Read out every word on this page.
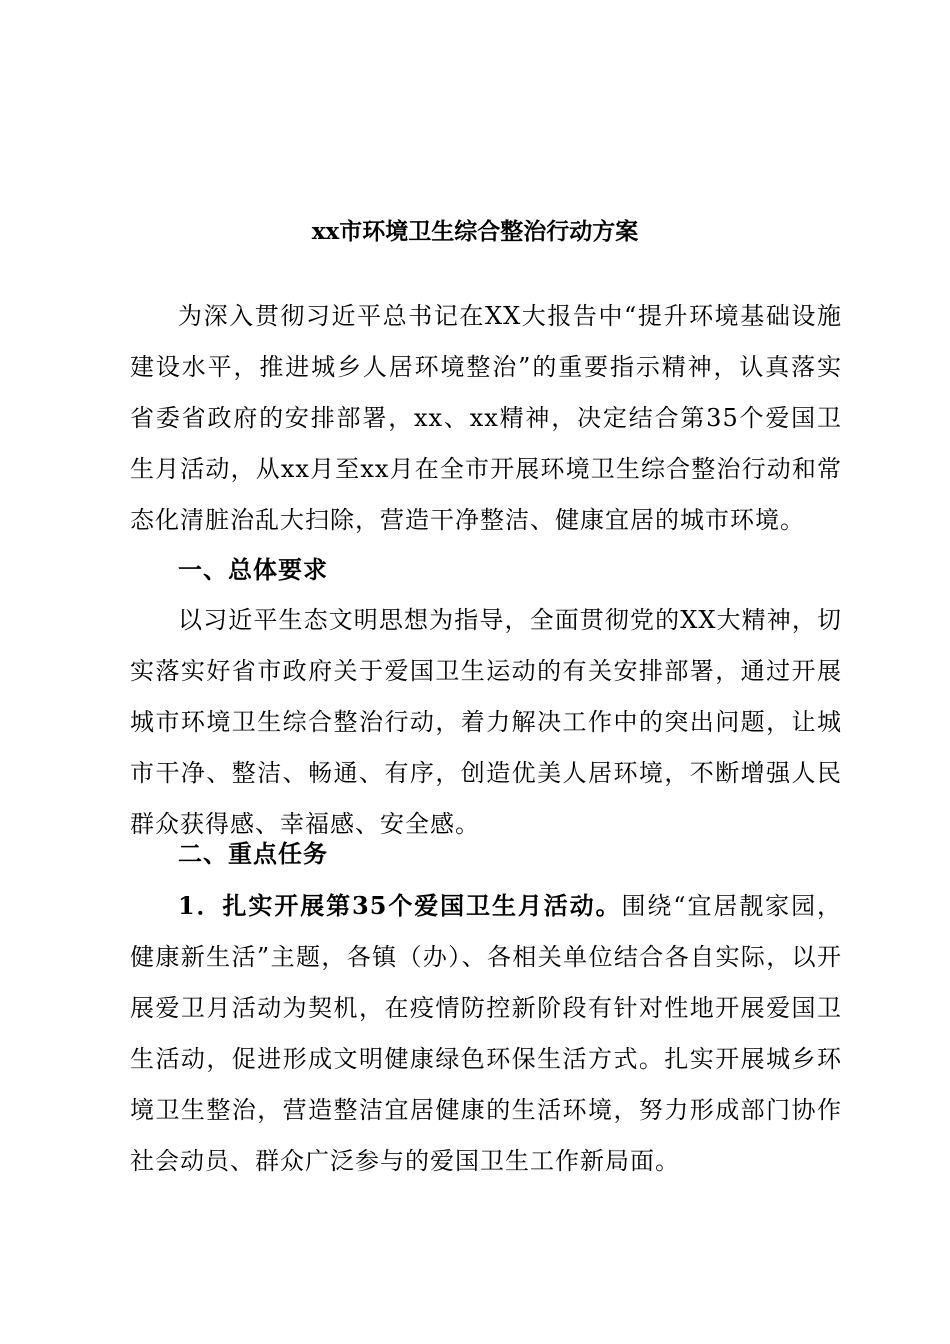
xx市环境卫生综合整治行动方案

为深入贯彻习近平总书记在XX大报告中“提升环境基础设施建设水平，推进城乡人居环境整治”的重要指示精神，认真落实省委省政府的安排部署，xx、xx精神，决定结合第35个爱国卫生月活动，从xx月至xx月在全市开展环境卫生综合整治行动和常态化清脏治乱大扫除，营造干净整洁、健康宜居的城市环境。

一、总体要求

以习近平生态文明思想为指导，全面贯彻党的XX大精神，切实落实好省市政府关于爱国卫生运动的有关安排部署，通过开展城市环境卫生综合整治行动，着力解决工作中的突出问题，让城市干净、整洁、畅通、有序，创造优美人居环境，不断增强人民群众获得感、幸福感、安全感。

二、重点任务

1．扎实开展第35个爱国卫生月活动。围绕“宜居靓家园，健康新生活”主题，各镇（办）、各相关单位结合各自实际，以开展爱卫月活动为契机，在疫情防控新阶段有针对性地开展爱国卫生活动，促进形成文明健康绿色环保生活方式。扎实开展城乡环境卫生整治，营造整洁宜居健康的生活环境，努力形成部门协作社会动员、群众广泛参与的爱国卫生工作新局面。
